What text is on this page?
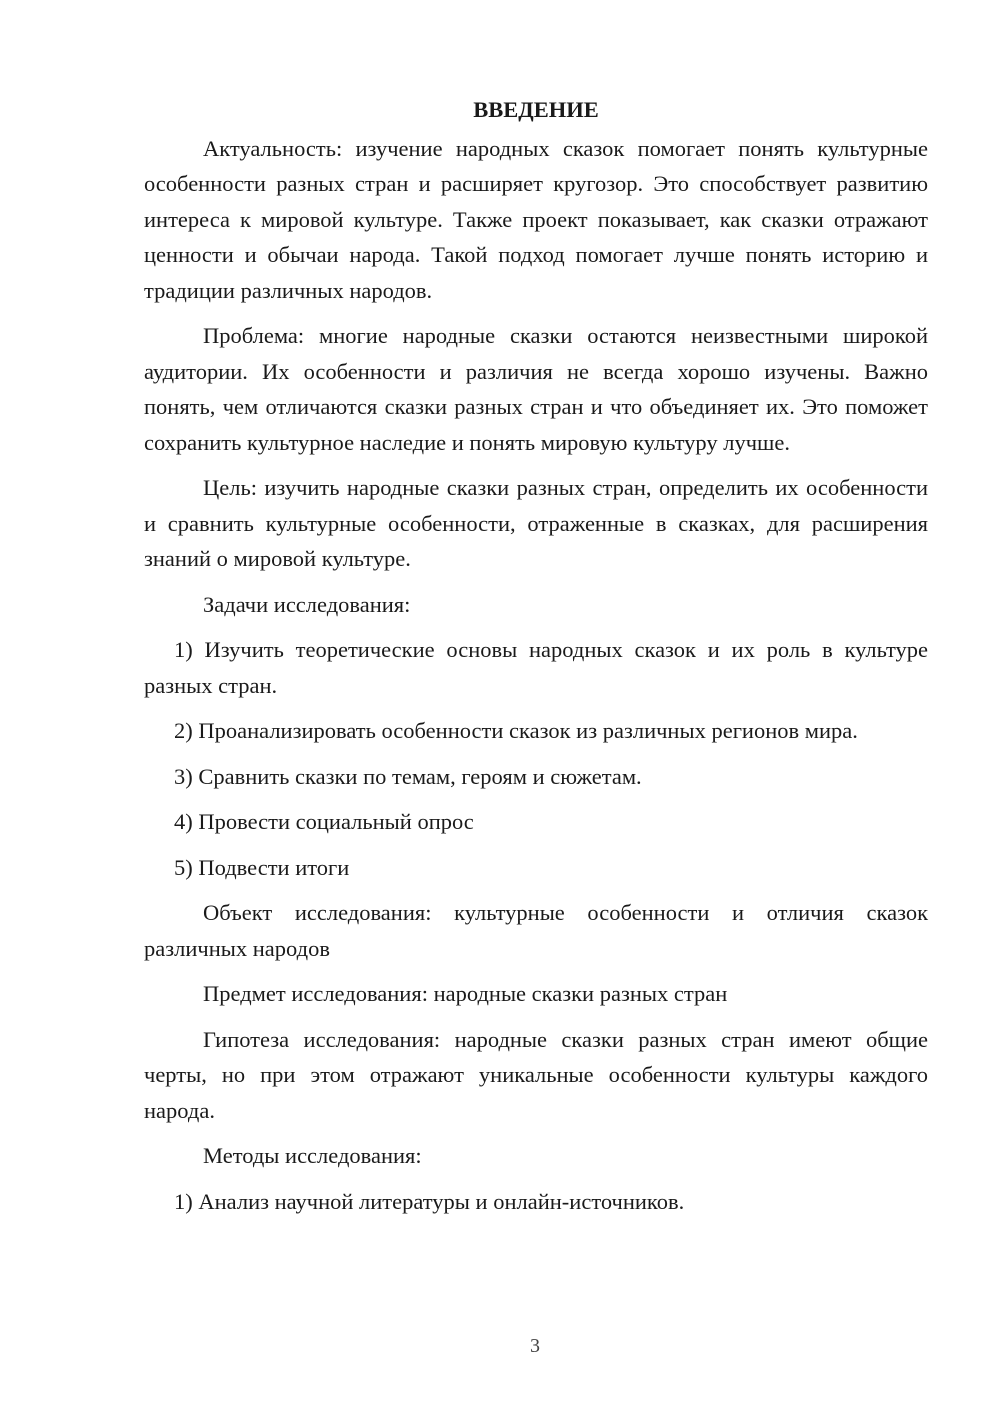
ВВЕДЕНИЕ

Актуальность: изучение народных сказок помогает понять культурные особенности разных стран и расширяет кругозор. Это способствует развитию интереса к мировой культуре. Также проект показывает, как сказки отражают ценности и обычаи народа. Такой подход помогает лучше понять историю и традиции различных народов.

Проблема: многие народные сказки остаются неизвестными широкой аудитории. Их особенности и различия не всегда хорошо изучены. Важно понять, чем отличаются сказки разных стран и что объединяет их. Это поможет сохранить культурное наследие и понять мировую культуру лучше.

Цель: изучить народные сказки разных стран, определить их особенности и сравнить культурные особенности, отраженные в сказках, для расширения знаний о мировой культуре.

Задачи исследования:

1) Изучить теоретические основы народных сказок и их роль в культуре разных стран.

2) Проанализировать особенности сказок из различных регионов мира.

3) Сравнить сказки по темам, героям и сюжетам.

4) Провести социальный опрос

5) Подвести итоги

Объект исследования: культурные особенности и отличия сказок различных народов

Предмет исследования: народные сказки разных стран

Гипотеза исследования: народные сказки разных стран имеют общие черты, но при этом отражают уникальные особенности культуры каждого народа.

Методы исследования:

1) Анализ научной литературы и онлайн-источников.

3
